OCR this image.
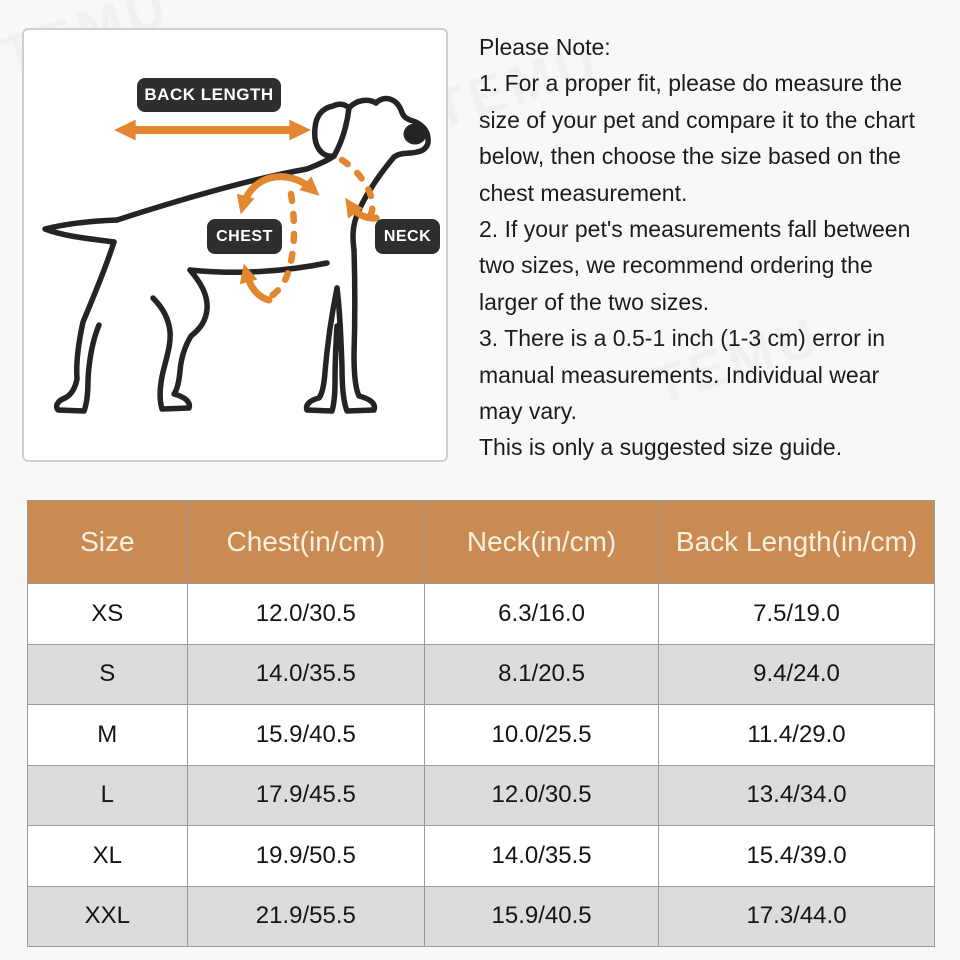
BACK LENGTH
CHEST	NECK
Please Note:
1. For a proper fit, please do measure the
size of your pet and compare it to the chart
below, then choose the size based on the
chest measurement.
2. If your pet's measurements fall between
two sizes, we recommend ordering the
larger of the two sizes.
3. There is a 0.5-1 inch (1-3 cm) error in
manual measurements. Individual wear
may vary.
This is only a suggested size guide.
Size	Chest(in/cm)	Neck(in/cm)	Back Length(in/cm)
XS	12.0/30.5	6.3/16.0	7.5/19.0
S	14.0/35.5	8.1/20.5	9.4/24.0
M	15.9/40.5	10.0/25.5	11.4/29.0
L	17.9/45.5	12.0/30.5	13.4/34.0
XL	19.9/50.5	14.0/35.5	15.4/39.0
XXL	21.9/55.5	15.9/40.5	17.3/44.0
